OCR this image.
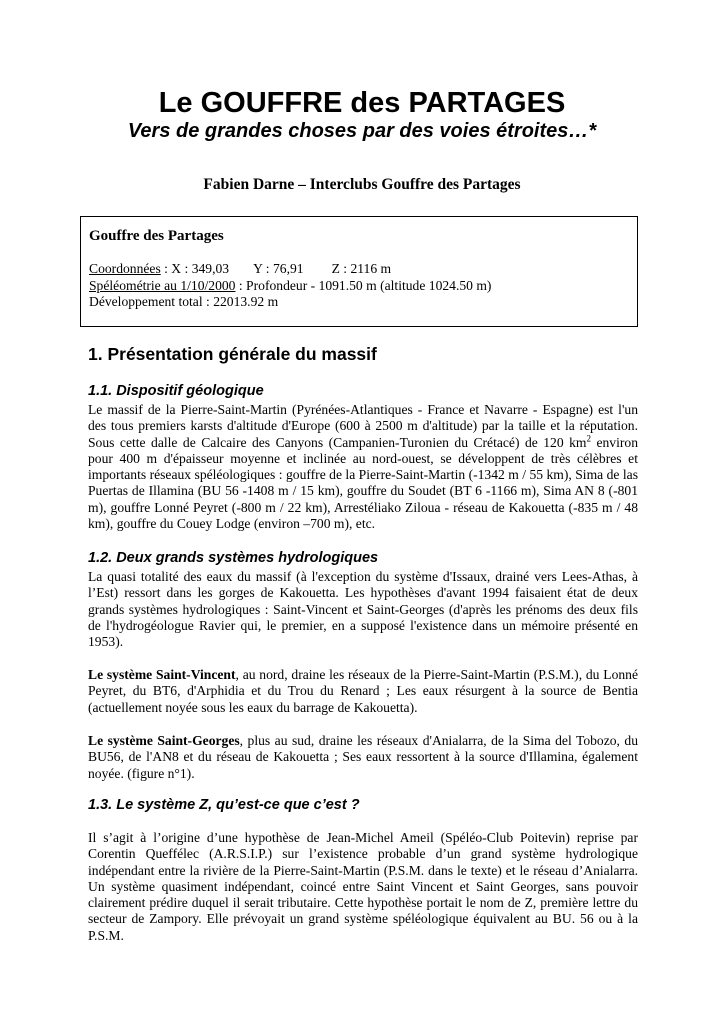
Le GOUFFRE des PARTAGES
Vers de grandes choses par des voies étroites…*
Fabien Darne – Interclubs Gouffre des Partages
Gouffre des Partages
Coordonnées : X : 349,03 Y : 76,91 Z : 2116 m
Spéléométrie au 1/10/2000 : Profondeur - 1091.50 m (altitude 1024.50 m)
Développement total : 22013.92 m
1. Présentation générale du massif
1.1. Dispositif géologique
Le massif de la Pierre-Saint-Martin (Pyrénées-Atlantiques - France et Navarre - Espagne) est l'un des tous premiers karsts d'altitude d'Europe (600 à 2500 m d'altitude) par la taille et la réputation. Sous cette dalle de Calcaire des Canyons (Campanien-Turonien du Crétacé) de 120 $km^2$ environ pour 400 m d'épaisseur moyenne et inclinée au nord-ouest, se développent de très célèbres et importants réseaux spéléologiques : gouffre de la Pierre-Saint-Martin (-1342 m / 55 km), Sima de las Puertas de Illamina (BU 56 -1408 m / 15 km), gouffre du Soudet (BT 6 -1166 m), Sima AN 8 (-801 m), gouffre Lonné Peyret (-800 m / 22 km), Arrestéliako Ziloua - réseau de Kakouetta (-835 m / 48 km), gouffre du Couey Lodge (environ –700 m), etc.
1.2. Deux grands systèmes hydrologiques
La quasi totalité des eaux du massif (à l'exception du système d'Issaux, drainé vers Lees-Athas, à l’Est) ressort dans les gorges de Kakouetta. Les hypothèses d'avant 1994 faisaient état de deux grands systèmes hydrologiques : Saint-Vincent et Saint-Georges (d'après les prénoms des deux fils de l'hydrogéologue Ravier qui, le premier, en a supposé l'existence dans un mémoire présenté en 1953).
Le système Saint-Vincent, au nord, draine les réseaux de la Pierre-Saint-Martin (P.S.M.), du Lonné Peyret, du BT6, d'Arphidia et du Trou du Renard ; Les eaux résurgent à la source de Bentia (actuellement noyée sous les eaux du barrage de Kakouetta).
Le système Saint-Georges, plus au sud, draine les réseaux d'Anialarra, de la Sima del Tobozo, du BU56, de l'AN8 et du réseau de Kakouetta ; Ses eaux ressortent à la source d'Illamina, également noyée. (figure n°1).
1.3. Le système Z, qu’est-ce que c’est ?
Il s’agit à l’origine d’une hypothèse de Jean-Michel Ameil (Spéléo-Club Poitevin) reprise par Corentin Queffélec (A.R.S.I.P.) sur l’existence probable d’un grand système hydrologique indépendant entre la rivière de la Pierre-Saint-Martin (P.S.M. dans le texte) et le réseau d’Anialarra. Un système quasiment indépendant, coincé entre Saint Vincent et Saint Georges, sans pouvoir clairement prédire duquel il serait tributaire. Cette hypothèse portait le nom de Z, première lettre du secteur de Zampory. Elle prévoyait un grand système spéléologique équivalent au BU. 56 ou à la P.S.M.
